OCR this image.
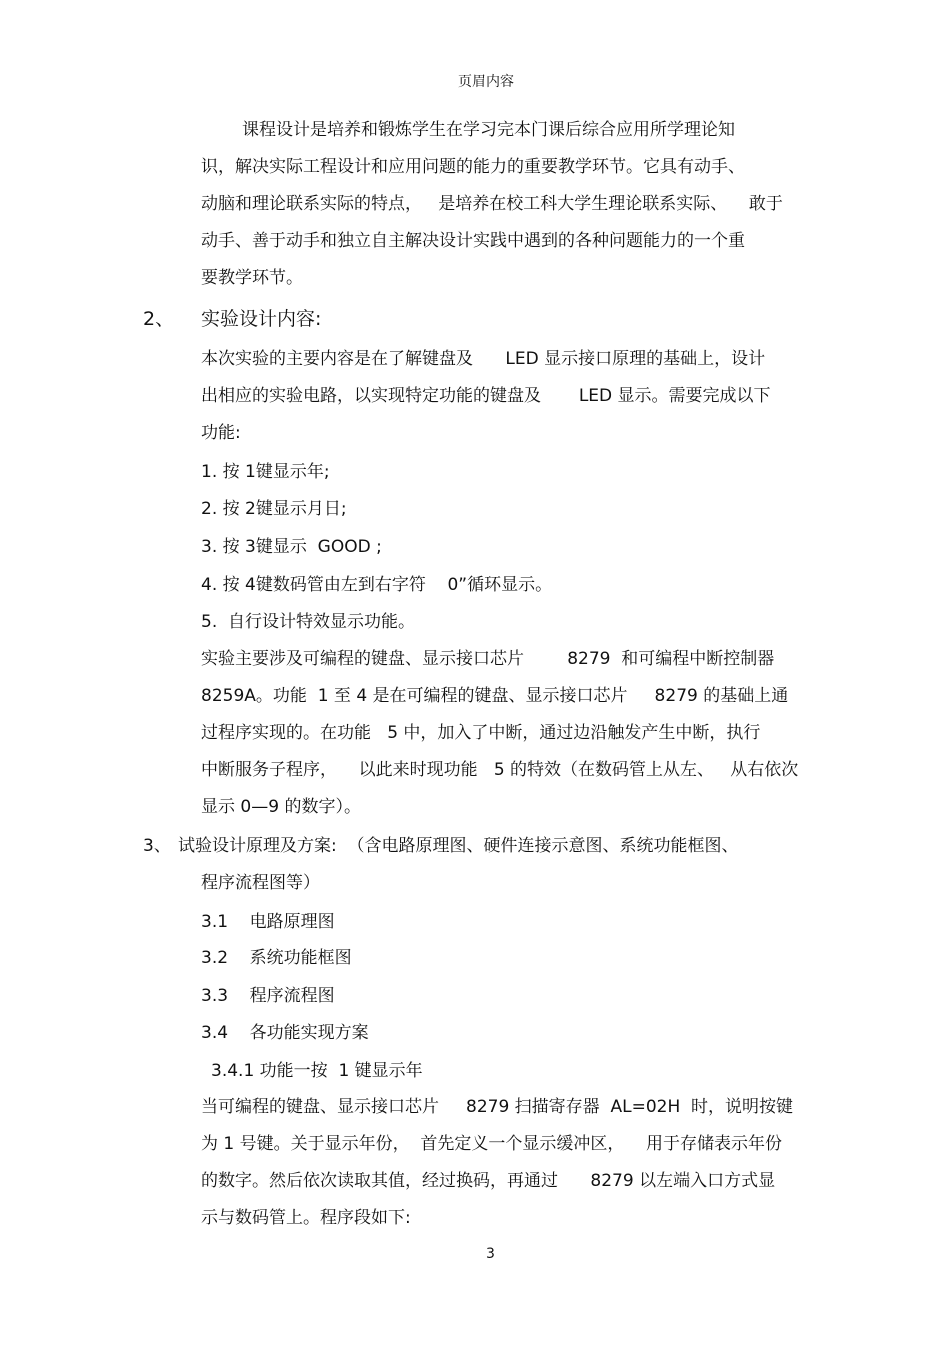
页眉内容
课程设计是培养和锻炼学生在学习完本门课后综合应用所学理论知
识，解决实际工程设计和应用问题的能力的重要教学环节。它具有动手、
动脑和理论联系实际的特点，   是培养在校工科大学生理论联系实际、    敢于
动手、善于动手和独立自主解决设计实践中遇到的各种问题能力的一个重
要教学环节。
2、 实验设计内容:
本次实验的主要内容是在了解键盘及      LED 显示接口原理的基础上，设计
出相应的实验电路，以实现特定功能的键盘及       LED 显示。需要完成以下
功能:
1. 按 1键显示年;
2. 按 2键显示月日;
3. 按 3键显示  GOOD ;
4. 按 4键数码管由左到右字符    0”循环显示。
5.  自行设计特效显示功能。
实验主要涉及可编程的键盘、显示接口芯片        8279  和可编程中断控制器
8259A。功能  1 至 4 是在可编程的键盘、显示接口芯片     8279 的基础上通
过程序实现的。在功能   5 中，加入了中断，通过边沿触发产生中断，执行
中断服务子程序，    以此来时现功能   5 的特效（在数码管上从左、   从右依次
显示 0—9 的数字）。
3、 试验设计原理及方案:  （含电路原理图、硬件连接示意图、系统功能框图、
程序流程图等）
3.1    电路原理图
3.2    系统功能框图
3.3    程序流程图
3.4    各功能实现方案
3.4.1 功能一按  1 键显示年
当可编程的键盘、显示接口芯片     8279 扫描寄存器  AL=02H  时，说明按键
为 1 号键。关于显示年份，  首先定义一个显示缓冲区，    用于存储表示年份
的数字。然后依次读取其值，经过换码，再通过      8279 以左端入口方式显
示与数码管上。程序段如下:
3
